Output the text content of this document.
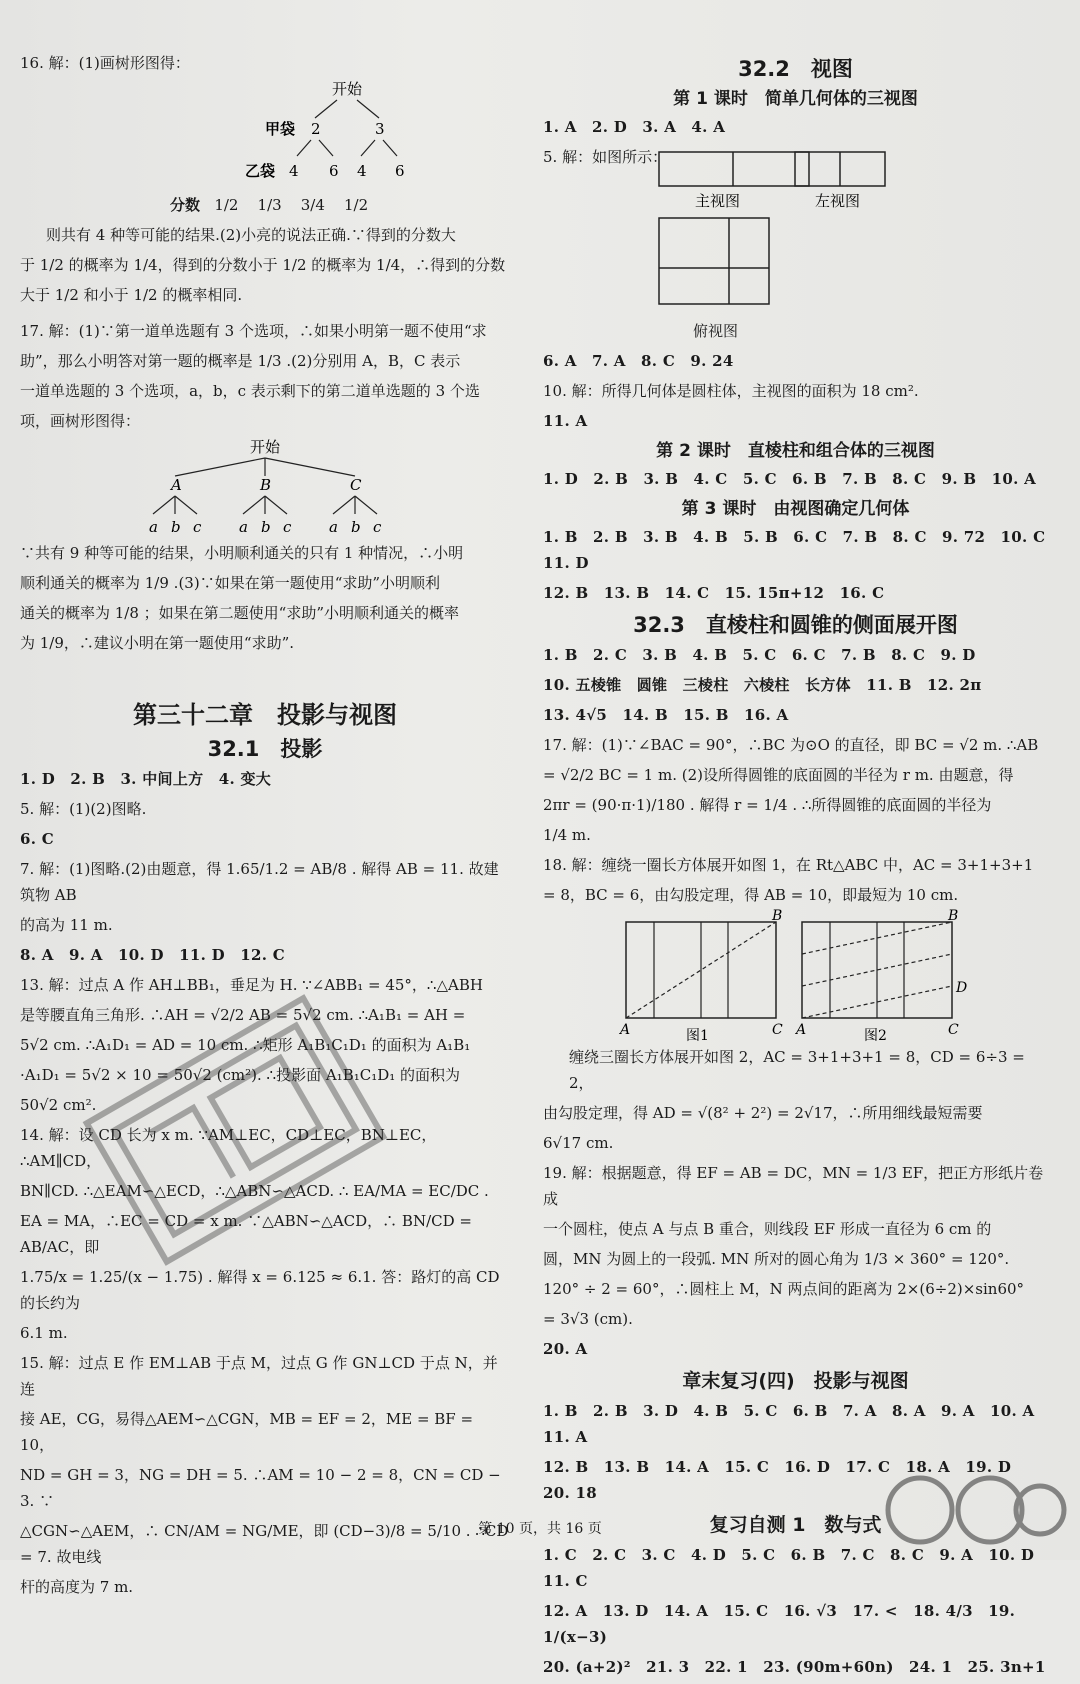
16. 解：(1)画树形图得：

开始
甲袋 2	3
乙袋 4 6 4 6

分数 1/2 1/3 3/4 1/2

则共有 4 种等可能的结果.(2)小亮的说法正确.∵得到的分数大

于 1/2 的概率为 1/4，得到的分数小于 1/2 的概率为 1/4，∴得到的分数

大于 1/2 和小于 1/2 的概率相同.

17. 解：(1)∵第一道单选题有 3 个选项，∴如果小明第一题不使用“求

助”，那么小明答对第一题的概率是 1/3 .(2)分别用 A，B，C 表示

一道单选题的 3 个选项，a，b，c 表示剩下的第二道单选题的 3 个选

项，画树形图得：

开始
A	B	C
a b c	a b c	a b c

∵共有 9 种等可能的结果，小明顺利通关的只有 1 种情况，∴小明

顺利通关的概率为 1/9 .(3)∵如果在第一题使用“求助”小明顺利

通关的概率为 1/8 ；如果在第二题使用“求助”小明顺利通关的概率

为 1/9，∴建议小明在第一题使用“求助”.

第三十二章　投影与视图
32.1　投影

1. D　2. B　3. 中间上方　4. 变大

5. 解：(1)(2)图略.

6. C

7. 解：(1)图略.(2)由题意，得 1.65/1.2 = AB/8 . 解得 AB = 11. 故建筑物 AB

的高为 11 m.

8. A　9. A　10. D　11. D　12. C

13. 解：过点 A 作 AH⊥BB₁，垂足为 H. ∵∠ABB₁ = 45°，∴△ABH

是等腰直角三角形. ∴AH = √2/2 AB = 5√2 cm. ∴A₁B₁ = AH =

5√2 cm. ∴A₁D₁ = AD = 10 cm. ∴矩形 A₁B₁C₁D₁ 的面积为 A₁B₁

·A₁D₁ = 5√2 × 10 = 50√2 (cm²). ∴投影面 A₁B₁C₁D₁ 的面积为

50√2 cm².

14. 解：设 CD 长为 x m. ∵AM⊥EC，CD⊥EC，BN⊥EC，∴AM∥CD，

BN∥CD. ∴△EAM∽△ECD，∴△ABN∽△ACD. ∴ EA/MA = EC/DC .

EA = MA，∴EC = CD = x m. ∵△ABN∽△ACD，∴ BN/CD = AB/AC，即

1.75/x = 1.25/(x − 1.75) . 解得 x = 6.125 ≈ 6.1. 答：路灯的高 CD 的长约为

6.1 m.

15. 解：过点 E 作 EM⊥AB 于点 M，过点 G 作 GN⊥CD 于点 N，并连

接 AE，CG，易得△AEM∽△CGN，MB = EF = 2，ME = BF = 10，

ND = GH = 3，NG = DH = 5. ∴AM = 10 − 2 = 8，CN = CD − 3. ∵

△CGN∽△AEM，∴ CN/AM = NG/ME，即 (CD−3)/8 = 5/10 . ∴CD = 7. 故电线

杆的高度为 7 m.

32.2　视图
第 1 课时　简单几何体的三视图

1. A　2. D　3. A　4. A

5. 解：如图所示：

主视图	左视图

俯视图

6. A　7. A　8. C　9. 24

10. 解：所得几何体是圆柱体，主视图的面积为 18 cm².

11. A

第 2 课时　直棱柱和组合体的三视图

1. D　2. B　3. B　4. C　5. C　6. B　7. B　8. C　9. B　10. A

第 3 课时　由视图确定几何体

1. B　2. B　3. B　4. B　5. B　6. C　7. B　8. C　9. 72　10. C　11. D

12. B　13. B　14. C　15. 15π+12　16. C

32.3　直棱柱和圆锥的侧面展开图

1. B　2. C　3. B　4. B　5. C　6. C　7. B　8. C　9. D

10. 五棱锥　圆锥　三棱柱　六棱柱　长方体　11. B　12. 2π

13. 4√5　14. B　15. B　16. A

17. 解：(1)∵∠BAC = 90°，∴BC 为⊙O 的直径，即 BC = √2 m. ∴AB

= √2/2 BC = 1 m. (2)设所得圆锥的底面圆的半径为 r m. 由题意，得

2πr = (90·π·1)/180 . 解得 r = 1/4 . ∴所得圆锥的底面圆的半径为

1/4 m.

18. 解：缠绕一圈长方体展开如图 1，在 Rt△ABC 中，AC = 3+1+3+1

= 8，BC = 6，由勾股定理，得 AB = 10，即最短为 10 cm.

A	C
B
图1	A	C
B
D
图2

缠绕三圈长方体展开如图 2，AC = 3+1+3+1 = 8，CD = 6÷3 = 2，

由勾股定理，得 AD = √(8² + 2²) = 2√17，∴所用细线最短需要

6√17 cm.

19. 解：根据题意，得 EF = AB = DC，MN = 1/3 EF，把正方形纸片卷成

一个圆柱，使点 A 与点 B 重合，则线段 EF 形成一直径为 6 cm 的

圆，MN 为圆上的一段弧. MN 所对的圆心角为 1/3 × 360° = 120°.

120° ÷ 2 = 60°，∴圆柱上 M，N 两点间的距离为 2×(6÷2)×sin60°

= 3√3 (cm).

20. A

章末复习(四)　投影与视图

1. B　2. B　3. D　4. B　5. C　6. B　7. A　8. A　9. A　10. A　11. A

12. B　13. B　14. A　15. C　16. D　17. C　18. A　19. D　20. 18

复习自测 1　数与式

1. C　2. C　3. C　4. D　5. C　6. B　7. C　8. C　9. A　10. D　11. C

12. A　13. D　14. A　15. C　16. √3　17. <　18. 4/3　19. 1/(x−3)

20. (a+2)²　21. 3　22. 1　23. (90m+60n)　24. 1　25. 3n+1

第 10 页，共 16 页
